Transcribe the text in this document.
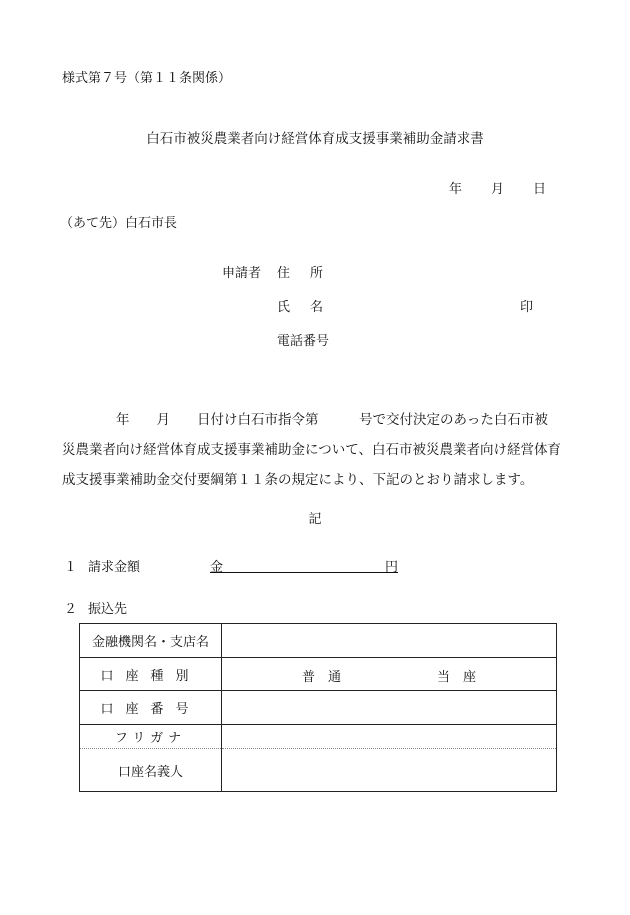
様式第７号（第１１条関係）
白石市被災農業者向け経営体育成支援事業補助金請求書
年 月 日
（あて先）白石市長
申請者 住所
氏名	印
電話番号
　　　　年　　月　　日付け白石市指令第　　　号で交付決定のあった白石市被
災農業者向け経営体育成支援事業補助金について、白石市被災農業者向け経営体育
成支援事業補助金交付要綱第１１条の規定により、下記のとおり請求します。
記
１ 請求金額	金	円
２ 振込先
金融機関名・支店名	
口座種別	普　通 当　座

口座番号	
フリガナ	
口座名義人	
